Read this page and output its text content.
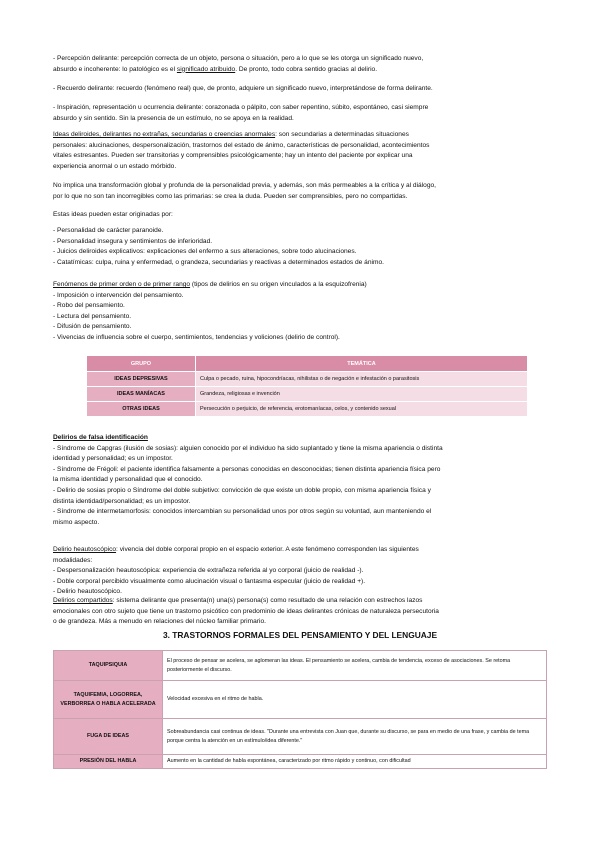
- Percepción delirante: percepción correcta de un objeto, persona o situación, pero a lo que se les otorga un significado nuevo,
absurdo e incoherente: lo patológico es el significado atribuido. De pronto, todo cobra sentido gracias al delirio.

- Recuerdo delirante: recuerdo (fenómeno real) que, de pronto, adquiere un significado nuevo, interpretándose de forma delirante.

- Inspiración, representación u ocurrencia delirante: corazonada o pálpito, con saber repentino, súbito, espontáneo, casi siempre
absurdo y sin sentido. Sin la presencia de un estímulo, no se apoya en la realidad.

Ideas deliroides, delirantes no extrañas, secundarias o creencias anormales: son secundarias a determinadas situaciones
personales: alucinaciones, despersonalización, trastornos del estado de ánimo, características de personalidad, acontecimientos
vitales estresantes. Pueden ser transitorias y comprensibles psicológicamente; hay un intento del paciente por explicar una
experiencia anormal o un estado mórbido.

No implica una transformación global y profunda de la personalidad previa, y además, son más permeables a la crítica y al diálogo,
por lo que no son tan incorregibles como las primarias: se crea la duda. Pueden ser comprensibles, pero no compartidas.

Estas ideas pueden estar originadas por:

- Personalidad de carácter paranoide.
- Personalidad insegura y sentimientos de inferioridad.
- Juicios deliroides explicativos: explicaciones del enfermo a sus alteraciones, sobre todo alucinaciones.
- Catatímicas: culpa, ruina y enfermedad, o grandeza, secundarias y reactivas a determinados estados de ánimo.

Fenómenos de primer orden o de primer rango (tipos de delirios en su origen vinculados a la esquizofrenia)
- Imposición o intervención del pensamiento.
- Robo del pensamiento.
- Lectura del pensamiento.
- Difusión de pensamiento.
- Vivencias de influencia sobre el cuerpo, sentimientos, tendencias y voliciones (delirio de control).

GRUPO	TEMÁTICA
IDEAS DEPRESIVAS	Culpa o pecado, ruina, hipocondríacas, nihilistas o de negación e infestación o parasitosis
IDEAS MANÍACAS	Grandeza, religiosas e invención
OTRAS IDEAS	Persecución o perjuicio, de referencia, erotomaníacas, celos, y contenido sexual

Delirios de falsa identificación
- Síndrome de Capgras (ilusión de sosias): alguien conocido por el individuo ha sido suplantado y tiene la misma apariencia o distinta
identidad y personalidad; es un impostor.
- Síndrome de Frégoli: el paciente identifica falsamente a personas conocidas en desconocidas; tienen distinta apariencia física pero
la misma identidad y personalidad que el conocido.
- Delirio de sosias propio o Síndrome del doble subjetivo: convicción de que existe un doble propio, con misma apariencia física y
distinta identidad/personalidad; es un impostor.
- Síndrome de intermetamorfosis: conocidos intercambian su personalidad unos por otros según su voluntad, aun manteniendo el
mismo aspecto.

Delirio heautoscópico: vivencia del doble corporal propio en el espacio exterior. A este fenómeno corresponden las siguientes
modalidades:
- Despersonalización heautoscópica: experiencia de extrañeza referida al yo corporal (juicio de realidad -).
- Doble corporal percibido visualmente como alucinación visual o fantasma especular (juicio de realidad +).
- Delirio heautoscópico.

Delirios compartidos: sistema delirante que presenta(n) una(s) persona(s) como resultado de una relación con estrechos lazos
emocionales con otro sujeto que tiene un trastorno psicótico con predominio de ideas delirantes crónicas de naturaleza persecutoria
o de grandeza. Más a menudo en relaciones del núcleo familiar primario.

3. TRASTORNOS FORMALES DEL PENSAMIENTO Y DEL LENGUAJE
TAQUIPSIQUIA	El proceso de pensar se acelera, se aglomeran las ideas. El pensamiento se acelera, cambia de tendencia, exceso de asociaciones. Se retoma posteriormente el discurso.
TAQUIFEMIA, LOGORREA, VERBORREA O HABLA ACELERADA	Velocidad excesiva en el ritmo de habla.
FUGA DE IDEAS	Sobreabundancia casi continua de ideas. "Durante una entrevista con Juan que, durante su discurso, se para en medio de una frase, y cambia de tema porque centra la atención en un estímulo/idea diferente."
PRESIÓN DEL HABLA	Aumento en la cantidad de habla espontánea, caracterizado por ritmo rápido y continuo, con dificultad
